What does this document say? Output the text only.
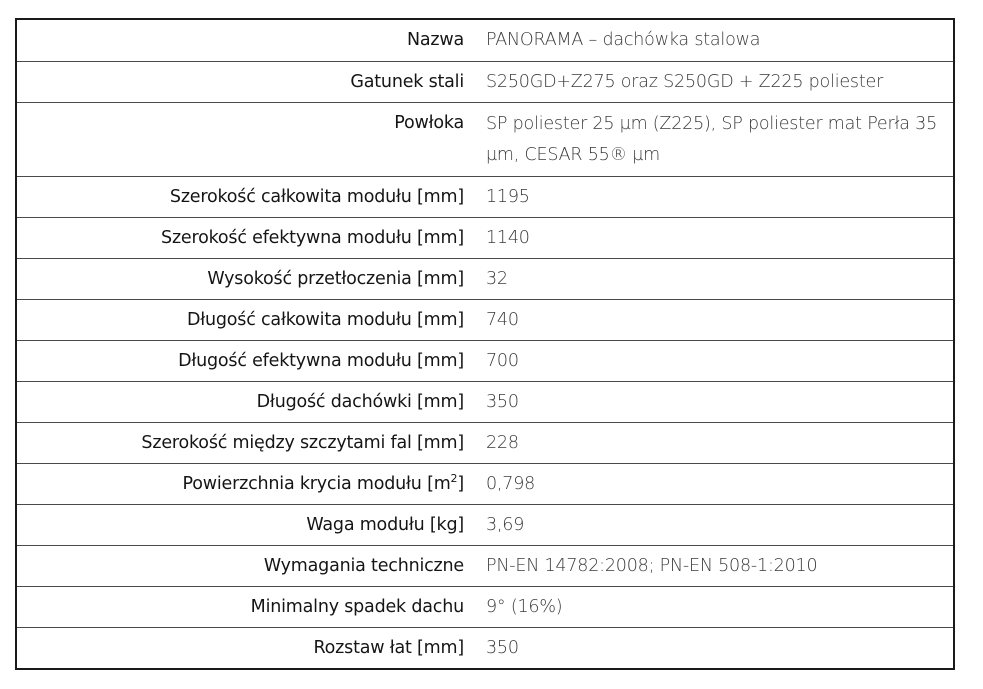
Nazwa	PANORAMA – dachówka stalowa
Gatunek stali	S250GD+Z275 oraz S250GD + Z225 poliester
Powłoka	SP poliester 25 µm (Z225), SP poliester mat Perła 35 µm, CESAR 55® µm
Szerokość całkowita modułu [mm]	1195
Szerokość efektywna modułu [mm]	1140
Wysokość przetłoczenia [mm]	32
Długość całkowita modułu [mm]	740
Długość efektywna modułu [mm]	700
Długość dachówki [mm]	350
Szerokość między szczytami fal [mm]	228
Powierzchnia krycia modułu $[m^2]$	0,798
Waga modułu [kg]	3,69
Wymagania techniczne	PN-EN 14782:2008; PN-EN 508-1:2010
Minimalny spadek dachu	9° (16%)
Rozstaw łat [mm]	350
